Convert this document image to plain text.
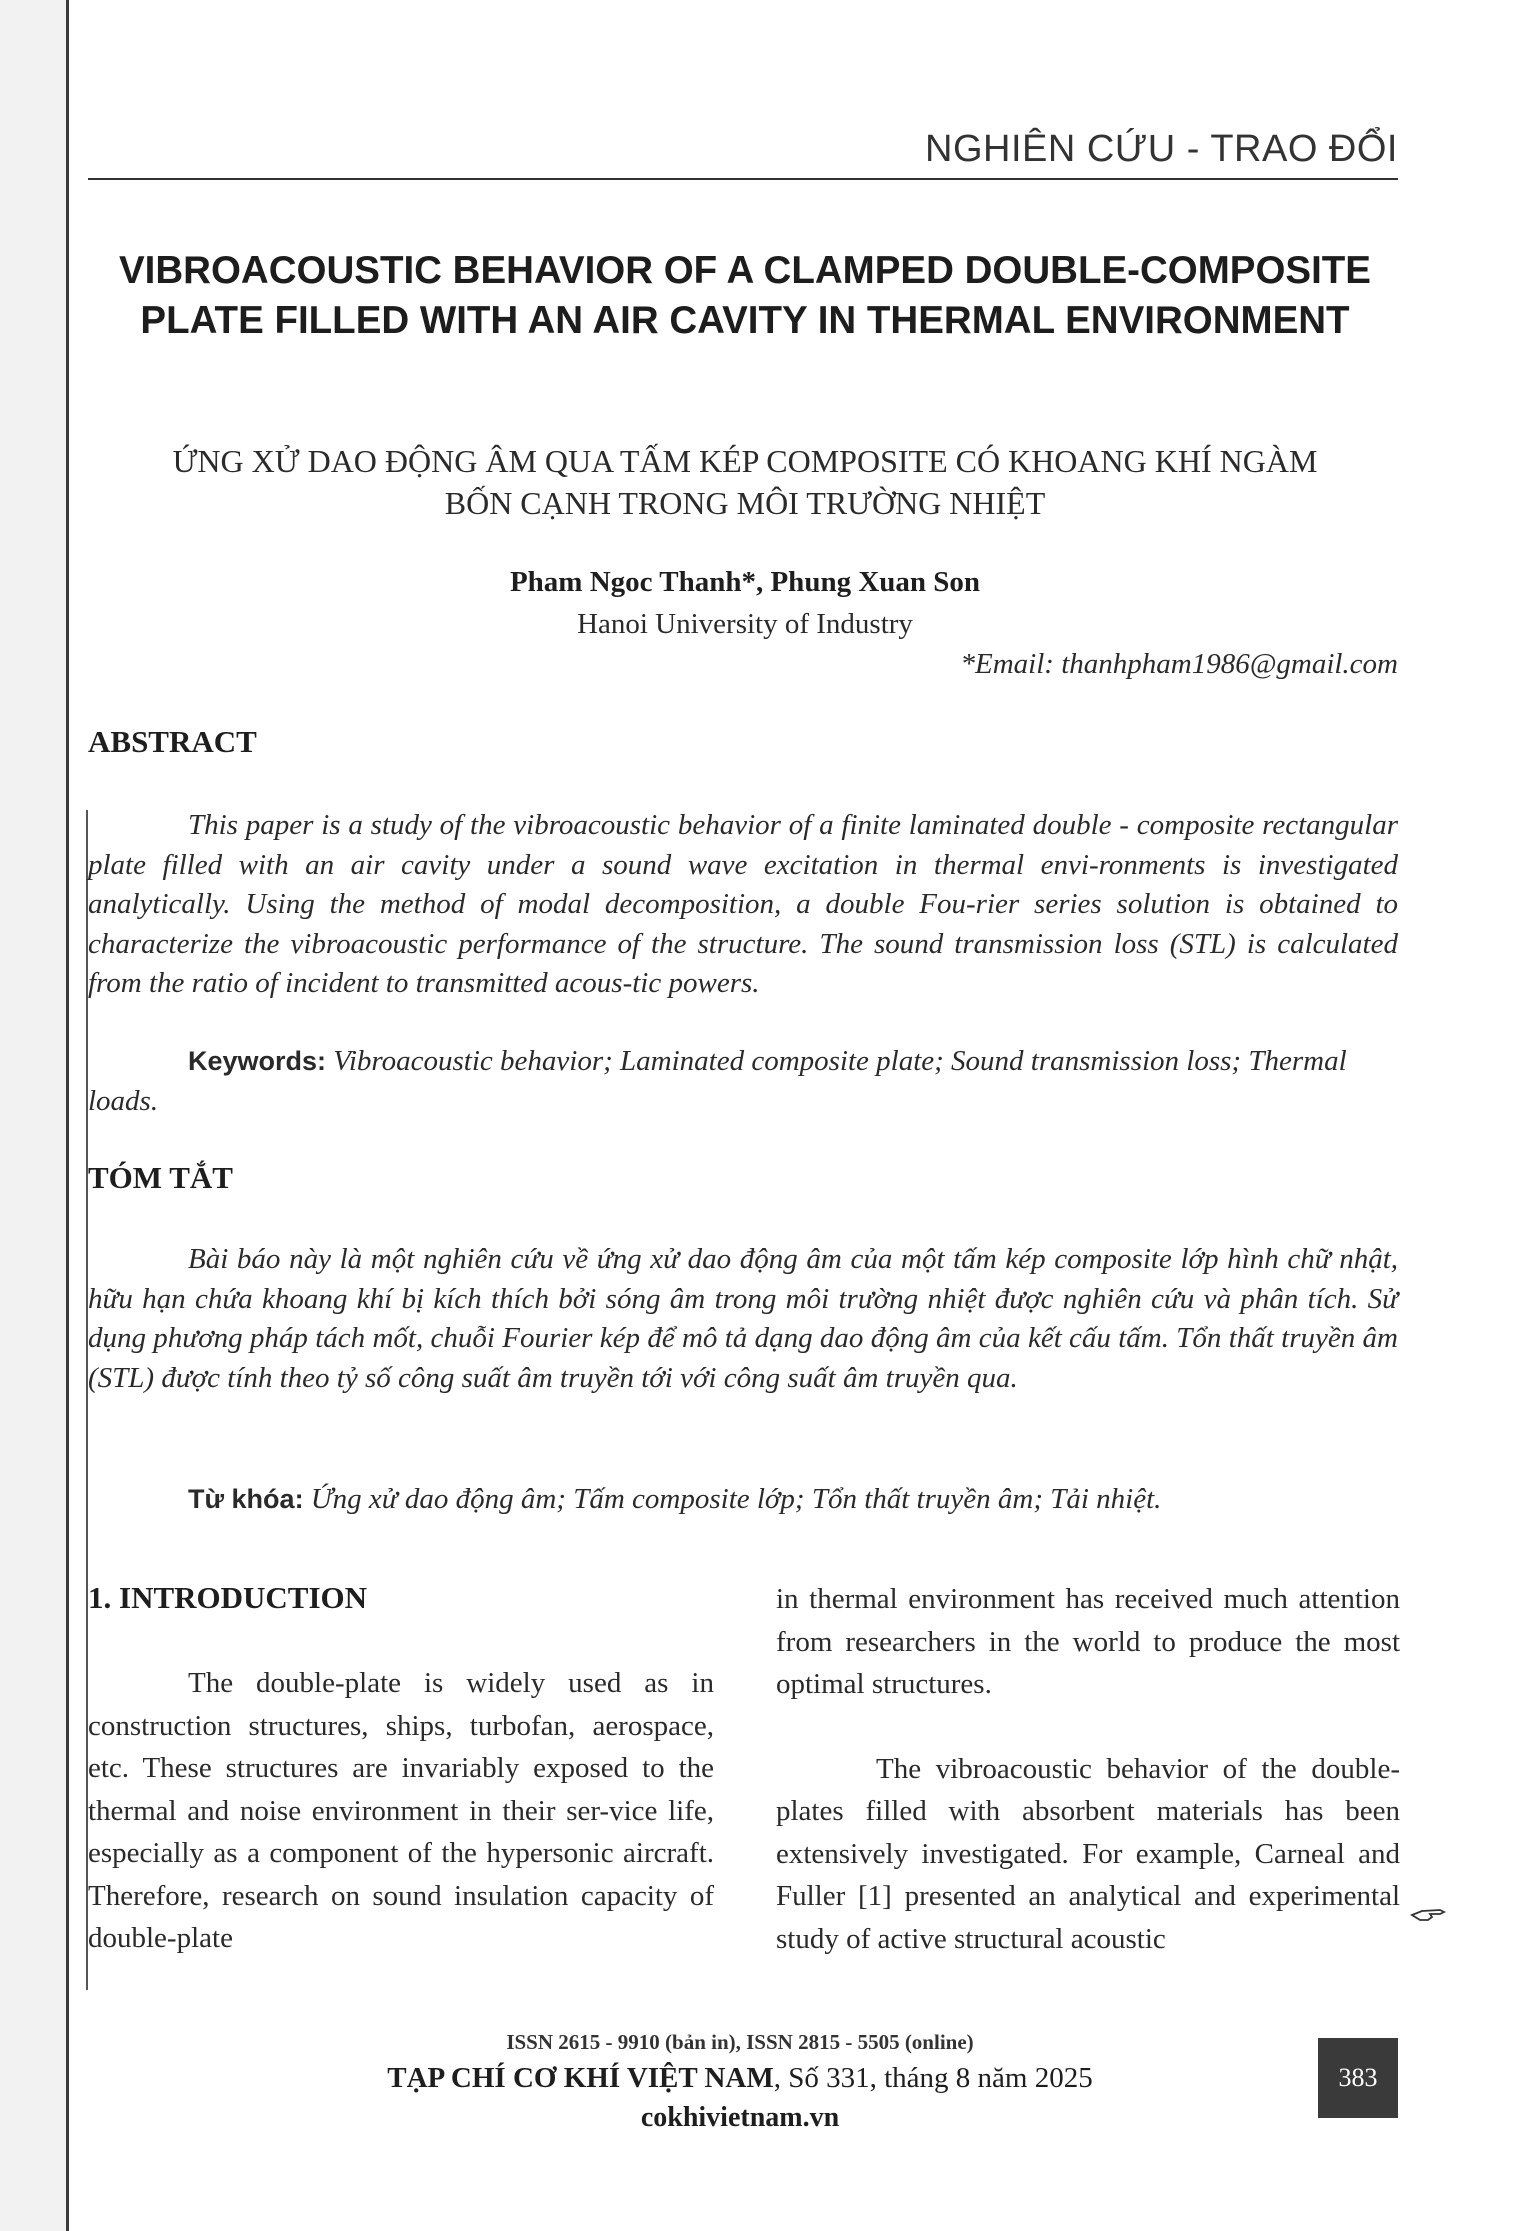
NGHIÊN CỨU - TRAO ĐỔI
VIBROACOUSTIC BEHAVIOR OF A CLAMPED DOUBLE-COMPOSITE PLATE FILLED WITH AN AIR CAVITY IN THERMAL ENVIRONMENT
ỨNG XỬ DAO ĐỘNG ÂM QUA TẤM KÉP COMPOSITE CÓ KHOANG KHÍ NGÀM
BỐN CẠNH TRONG MÔI TRƯỜNG NHIỆT
Pham Ngoc Thanh*, Phung Xuan Son
Hanoi University of Industry
*Email: thanhpham1986@gmail.com
ABSTRACT
This paper is a study of the vibroacoustic behavior of a finite laminated double - composite rectangular plate filled with an air cavity under a sound wave excitation in thermal envi-ronments is investigated analytically. Using the method of modal decomposition, a double Fou-rier series solution is obtained to characterize the vibroacoustic performance of the structure. The sound transmission loss (STL) is calculated from the ratio of incident to transmitted acous-tic powers.
Keywords: Vibroacoustic behavior; Laminated composite plate; Sound transmission loss; Thermal loads.
TÓM TẮT
Bài báo này là một nghiên cứu về ứng xử dao động âm của một tấm kép composite lớp hình chữ nhật, hữu hạn chứa khoang khí bị kích thích bởi sóng âm trong môi trường nhiệt được nghiên cứu và phân tích. Sử dụng phương pháp tách mốt, chuỗi Fourier kép để mô tả dạng dao động âm của kết cấu tấm. Tổn thất truyền âm (STL) được tính theo tỷ số công suất âm truyền tới với công suất âm truyền qua.
Từ khóa: Ứng xử dao động âm; Tấm composite lớp; Tổn thất truyền âm; Tải nhiệt.
1. INTRODUCTION

The double-plate is widely used as in construction structures, ships, turbofan, aerospace, etc. These structures are invariably exposed to the thermal and noise environment in their ser-vice life, especially as a component of the hypersonic aircraft. Therefore, research on sound insulation capacity of double-plate

in thermal environment has received much attention from researchers in the world to produce the most optimal structures.

The vibroacoustic behavior of the double-plates filled with absorbent materials has been extensively investigated. For example, Carneal and Fuller [1] presented an analytical and experimental study of active structural acoustic

ISSN 2615 - 9910 (bản in), ISSN 2815 - 5505 (online)
TẠP CHÍ CƠ KHÍ VIỆT NAM, Số 331, tháng 8 năm 2025
cokhivietnam.vn
383
